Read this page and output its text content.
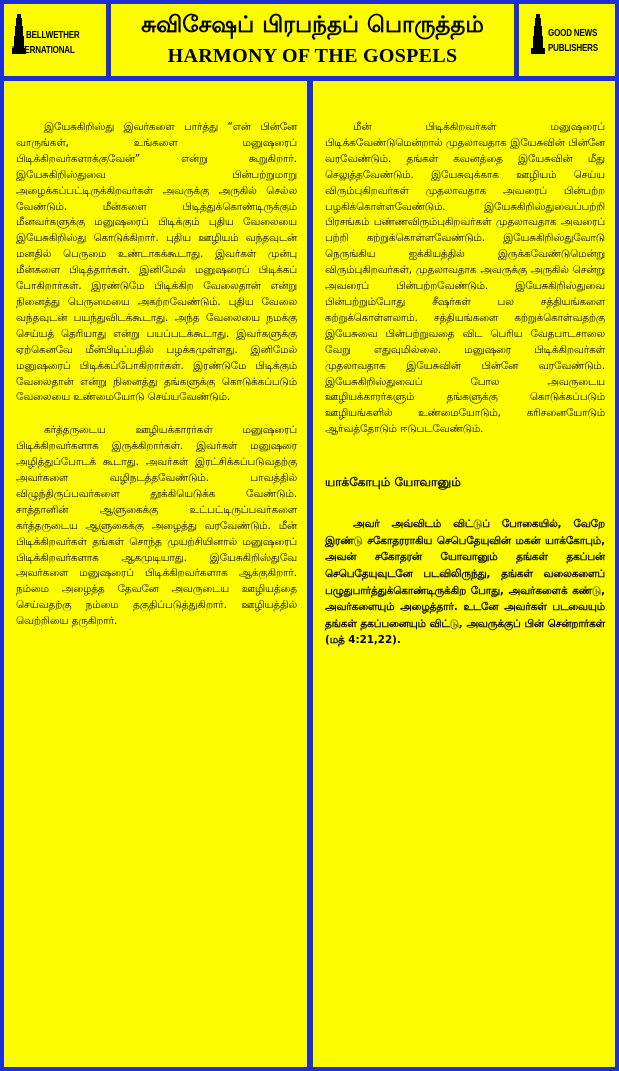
BELLWETHER
INTERNATIONAL
சுவிசேஷப் பிரபந்தப் பொருத்தம்
HARMONY OF THE GOSPELS
GOOD NEWS
PUBLISHERS

இயேசுகிறிஸ்து இவர்களை பார்த்து “என் பின்னே வாருங்கள், உங்களை மனுஷரைப் பிடிக்கிறவர்களாக்குவேன்” என்று கூறுகிறார். இயேசுகிறிஸ்துவை பின்பற்றுமாறு அழைக்கப்பட்டிருக்கிறவர்கள் அவருக்கு அருகில் செல்ல வேண்டும். மீன்களை பிடித்துக்கொண்டிருக்கும் மீனவர்களுக்கு மனுஷரைப் பிடிக்கும் புதிய வேலையை இயேசுகிறிஸ்து கொடுக்கிறார். புதிய ஊழியம் வந்தவுடன் மனதில் பெருமை உண்டாகக்கூடாது. இவர்கள் முன்பு மீன்களை பிடித்தார்கள். இனிமேல் மனுஷரைப் பிடிக்கப் போகிறார்கள். இரண்டுமே பிடிக்கிற வேலைதான் என்று நினைத்து பெருமையை அகற்றவேண்டும். புதிய வேலை வந்தவுடன் பயந்துவிடக்கூடாது. அந்த வேலையை நமக்கு செய்யத் தெரியாது என்று பயப்படக்கூடாது. இவர்களுக்கு ஏற்கெனவே மீன்பிடிப்பதில் பழக்கமுள்ளது. இனிமேல் மனுஷரைப் பிடிக்கப்போகிறார்கள். இரண்டுமே பிடிக்கும் வேலைதான் என்று நினைத்து தங்களுக்கு கொடுக்கப்படும் வேலையை உண்மையோடு செய்யவேண்டும்.

கர்த்தருடைய ஊழியக்காரர்கள் மனுஷரைப் பிடிக்கிறவர்களாக இருக்கிறார்கள். இவர்கள் மனுஷரை அழித்துப்போடக் கூடாது. அவர்கள் இரட்சிக்கப்படுவதற்கு அவர்களை வழிநடத்தவேண்டும். பாவத்தில் விழுந்திருப்பவர்களை தூக்கியெடுக்க வேண்டும். சாத்தானின் ஆளுகைக்கு உட்பட்டிருப்பவர்களை கர்த்தருடைய ஆளுகைக்கு அழைத்து வரவேண்டும். மீன் பிடிக்கிறவர்கள் தங்கள் சொந்த முயற்சியினால் மனுஷரைப் பிடிக்கிறவர்களாக ஆகமுடியாது. இயேசுகிறிஸ்துவே அவர்களை மனுஷரைப் பிடிக்கிறவர்களாக ஆக்குகிறார். நம்மை அழைத்த தேவனே அவருடைய ஊழியத்தை செய்வதற்கு நம்மை தகுதிப்படுத்துகிறார். ஊழியத்தில் வெற்றியை தருகிறார்.

மீன் பிடிக்கிறவர்கள் மனுஷரைப் பிடிக்கவேண்டுமென்றால் முதலாவதாக இயேசுவின் பின்னே வரவேண்டும். தங்கள் கவனத்தை இயேசுவின் மீது செலுத்தவேண்டும். இயேசுவுக்காக ஊழியம் செய்ய விரும்புகிறவர்கள் முதலாவதாக அவரைப் பின்பற்ற பழகிக்கொள்ளவேண்டும். இயேசுகிறிஸ்துவைப்பற்றி பிரசங்கம் பண்ணவிரும்புகிறவர்கள் முதலாவதாக அவரைப் பற்றி கற்றுக்கொள்ளவேண்டும். இயேசுகிறிஸ்துவோடு நெருங்கிய ஐக்கியத்தில் இருக்கவேண்டுமென்று விரும்புகிறவர்கள், முதலாவதாக அவருக்கு அருகில் சென்று அவரைப் பின்பற்றவேண்டும். இயேசுகிறிஸ்துவை பின்பற்றும்போது சீஷர்கள் பல சத்தியங்களை கற்றுக்கொள்ளலாம். சத்தியங்களை கற்றுக்கொள்வதற்கு இயேசுவை பின்பற்றுவதை விட பெரிய வேதபாடசாலை வேறு எதுவுமில்லை. மனுஷரை பிடிக்கிறவர்கள் முதலாவதாக இயேசுவின் பின்னே வரவேண்டும். இயேசுகிறிஸ்துவைப் போல அவருடைய ஊழியக்காரர்களும் தங்களுக்கு கொடுக்கப்படும் ஊழியங்களில் உண்மையோடும், கரிசனையோடும் ஆர்வத்தோடும் ஈடுபடவேண்டும்.

யாக்கோபும் யோவானும்

அவர் அவ்விடம் விட்டுப் போகையில், வேறே இரண்டு சகோதரராகிய செபெதேயுவின் மகன் யாக்கோபும், அவன் சகோதரன் யோவானும் தங்கள் தகப்பன் செபெதேயுவுடனே படவிலிருந்து, தங்கள் வலைகளைப் பழுதுபார்த்துக்கொண்டிருக்கிற போது, அவர்களைக் கண்டு, அவர்களையும் அழைத்தார். உடனே அவர்கள் படவையும் தங்கள் தகப்பனையும் விட்டு, அவருக்குப் பின் சென்றார்கள் (மத் 4:21,22).
